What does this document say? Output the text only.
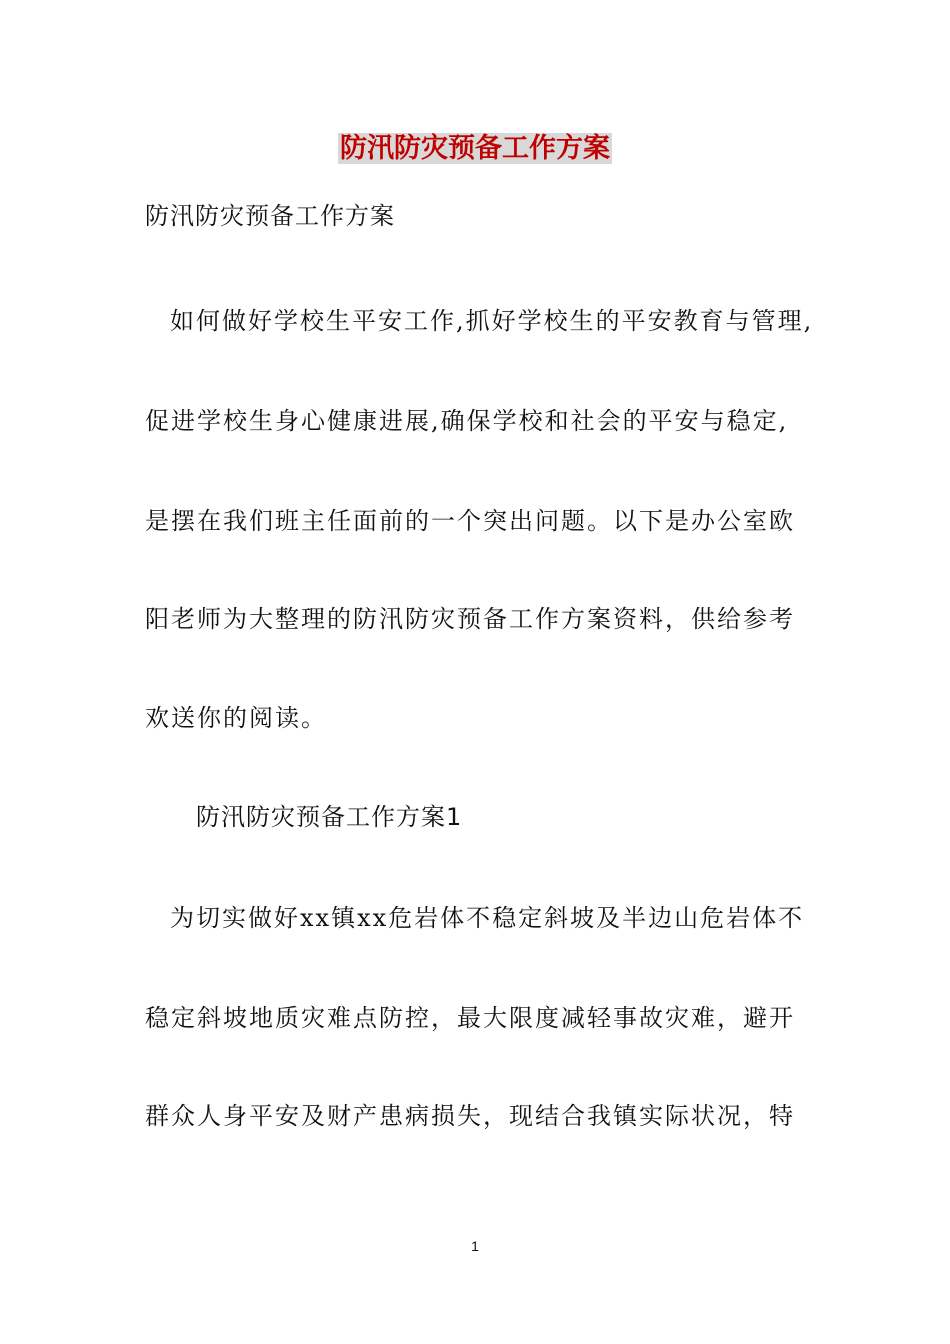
防汛防灾预备工作方案
防汛防灾预备工作方案
如何做好学校生平安工作,抓好学校生的平安教育与管理,
促进学校生身心健康进展,确保学校和社会的平安与稳定,
是摆在我们班主任面前的一个突出问题。以下是办公室欧
阳老师为大整理的防汛防灾预备工作方案资料，供给参考
欢送你的阅读。
防汛防灾预备工作方案1
为切实做好xx镇xx危岩体不稳定斜坡及半边山危岩体不
稳定斜坡地质灾难点防控，最大限度减轻事故灾难，避开
群众人身平安及财产患病损失，现结合我镇实际状况，特
1
